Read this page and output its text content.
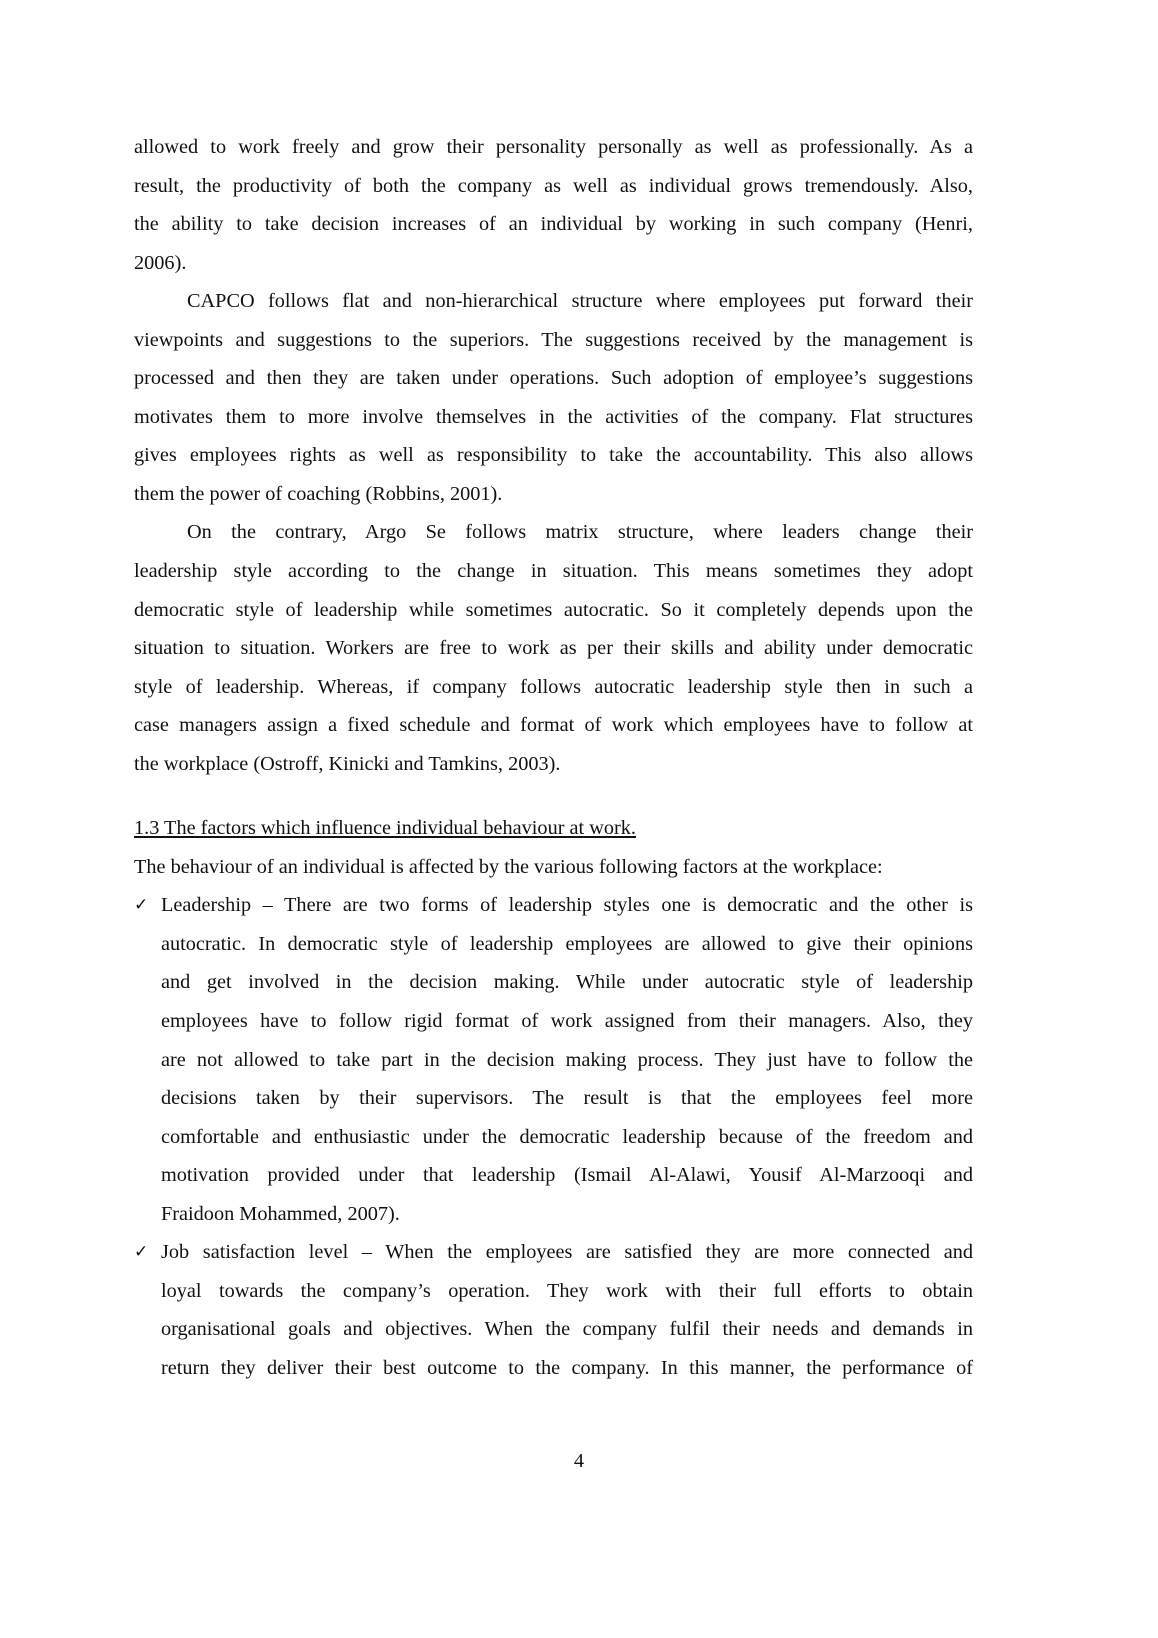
allowed to work freely and grow their personality personally as well as professionally. As a
result, the productivity of both the company as well as individual grows tremendously. Also,
the ability to take decision increases of an individual by working in such company (Henri,
2006).
CAPCO follows flat and non-hierarchical structure where employees put forward their
viewpoints and suggestions to the superiors. The suggestions received by the management is
processed and then they are taken under operations. Such adoption of employee’s suggestions
motivates them to more involve themselves in the activities of the company. Flat structures
gives employees rights as well as responsibility to take the accountability. This also allows
them the power of coaching (Robbins, 2001).
On the contrary, Argo Se follows matrix structure, where leaders change their
leadership style according to the change in situation. This means sometimes they adopt
democratic style of leadership while sometimes autocratic. So it completely depends upon the
situation to situation. Workers are free to work as per their skills and ability under democratic
style of leadership. Whereas, if company follows autocratic leadership style then in such a
case managers assign a fixed schedule and format of work which employees have to follow at
the workplace (Ostroff, Kinicki and Tamkins, 2003).
1.3 The factors which influence individual behaviour at work.
The behaviour of an individual is affected by the various following factors at the workplace:
✓ Leadership – There are two forms of leadership styles one is democratic and the other is
autocratic. In democratic style of leadership employees are allowed to give their opinions
and get involved in the decision making. While under autocratic style of leadership
employees have to follow rigid format of work assigned from their managers. Also, they
are not allowed to take part in the decision making process. They just have to follow the
decisions taken by their supervisors. The result is that the employees feel more
comfortable and enthusiastic under the democratic leadership because of the freedom and
motivation provided under that leadership (Ismail Al-Alawi, Yousif Al-Marzooqi and
Fraidoon Mohammed, 2007).
✓ Job satisfaction level – When the employees are satisfied they are more connected and
loyal towards the company’s operation. They work with their full efforts to obtain
organisational goals and objectives. When the company fulfil their needs and demands in
return they deliver their best outcome to the company. In this manner, the performance of
4
